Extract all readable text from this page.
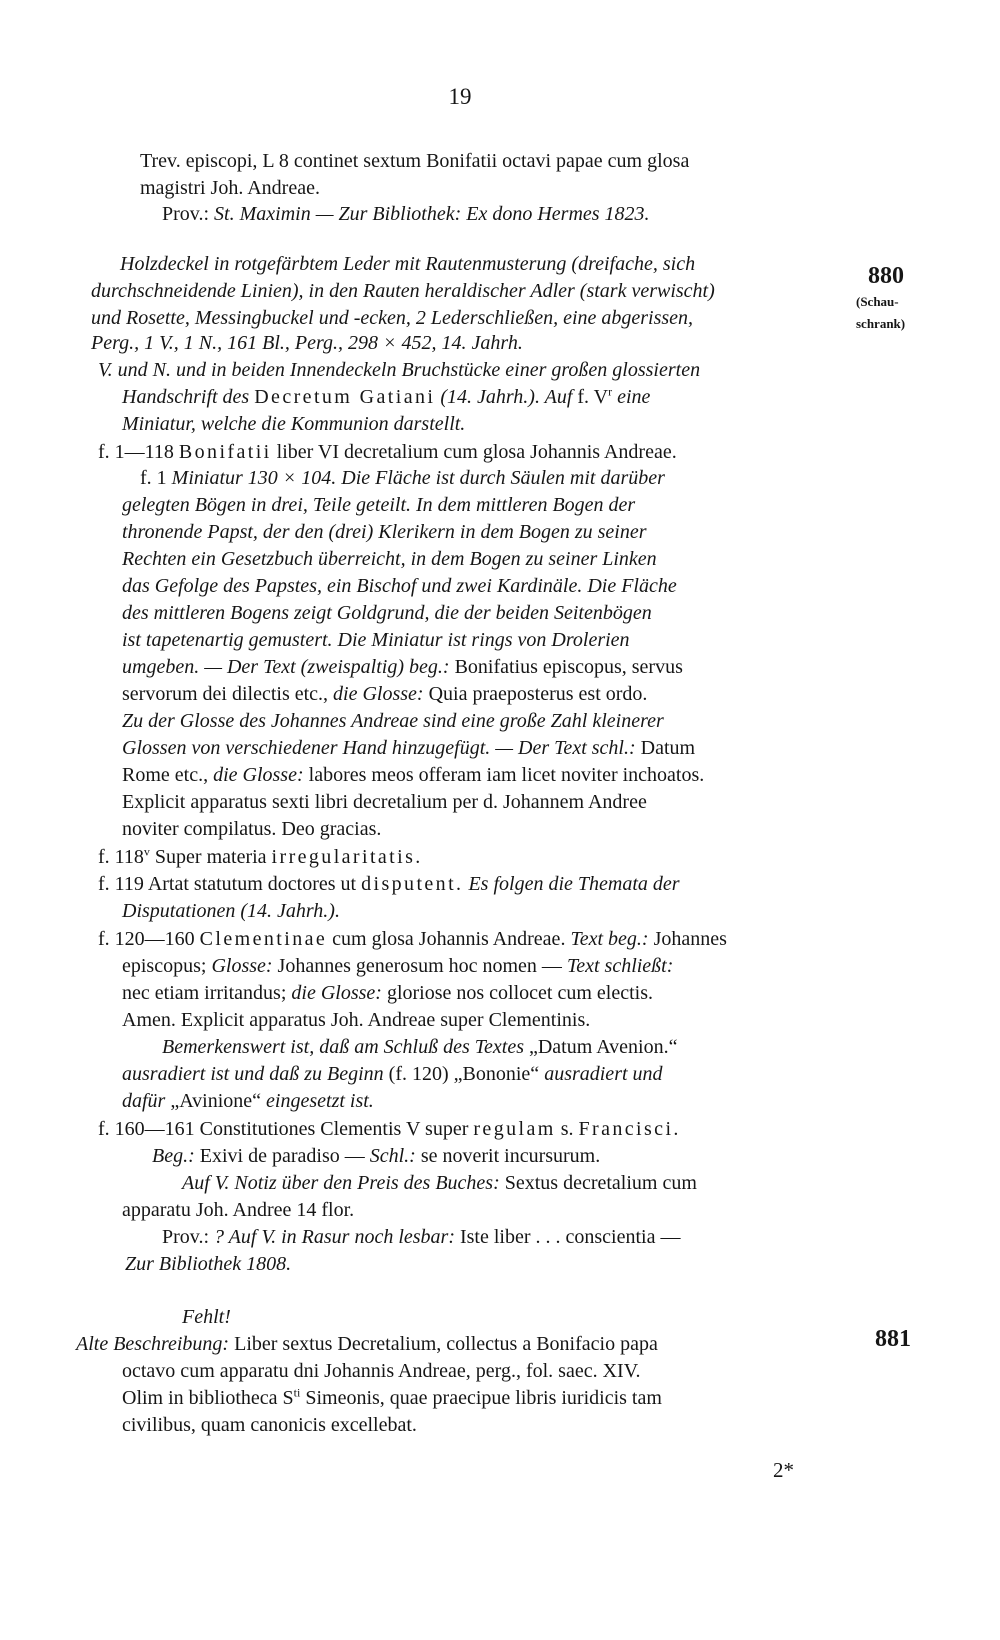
19
880
(Schau-
schrank)
881
Trev. episcopi, L 8 continet sextum Bonifatii octavi papae cum glosa
magistri Joh. Andreae.
Prov.: St. Maximin — Zur Bibliothek: Ex dono Hermes 1823.
Holzdeckel in rotgefärbtem Leder mit Rautenmusterung (dreifache, sich
durchschneidende Linien), in den Rauten heraldischer Adler (stark verwischt)
und Rosette, Messingbuckel und -ecken, 2 Lederschließen, eine abgerissen,
Perg., 1 V., 1 N., 161 Bl., Perg., 298 × 452, 14. Jahrh.
V. und N. und in beiden Innendeckeln Bruchstücke einer großen glossierten
Handschrift des Decretum Gatiani (14. Jahrh.). Auf f. $V^r$ eine
Miniatur, welche die Kommunion darstellt.
f. 1—118 Bonifatii liber VI decretalium cum glosa Johannis Andreae.
f. 1 Miniatur 130 × 104. Die Fläche ist durch Säulen mit darüber
gelegten Bögen in drei, Teile geteilt. In dem mittleren Bogen der
thronende Papst, der den (drei) Klerikern in dem Bogen zu seiner
Rechten ein Gesetzbuch überreicht, in dem Bogen zu seiner Linken
das Gefolge des Papstes, ein Bischof und zwei Kardinäle. Die Fläche
des mittleren Bogens zeigt Goldgrund, die der beiden Seitenbögen
ist tapetenartig gemustert. Die Miniatur ist rings von Drolerien
umgeben. — Der Text (zweispaltig) beg.: Bonifatius episcopus, servus
servorum dei dilectis etc., die Glosse: Quia praeposterus est ordo.
Zu der Glosse des Johannes Andreae sind eine große Zahl kleinerer
Glossen von verschiedener Hand hinzugefügt. — Der Text schl.: Datum
Rome etc., die Glosse: labores meos offeram iam licet noviter inchoatos.
Explicit apparatus sexti libri decretalium per d. Johannem Andree
noviter compilatus. Deo gracias.
f. 118$^v$ Super materia irregularitatis.
f. 119 Artat statutum doctores ut disputent. Es folgen die Themata der
Disputationen (14. Jahrh.).
f. 120—160 Clementinae cum glosa Johannis Andreae. Text beg.: Johannes
episcopus; Glosse: Johannes generosum hoc nomen — Text schließt:
nec etiam irritandus; die Glosse: gloriose nos collocet cum electis.
Amen. Explicit apparatus Joh. Andreae super Clementinis.
Bemerkenswert ist, daß am Schluß des Textes „Datum Avenion.“
ausradiert ist und daß zu Beginn (f. 120) „Bononie“ ausradiert und
dafür „Avinione“ eingesetzt ist.
f. 160—161 Constitutiones Clementis V super regulam s. Francisci.
Beg.: Exivi de paradiso — Schl.: se noverit incursurum.
Auf V. Notiz über den Preis des Buches: Sextus decretalium cum
apparatu Joh. Andree 14 flor.
Prov.: ? Auf V. in Rasur noch lesbar: Iste liber . . . conscientia —
Zur Bibliothek 1808.
Fehlt!
Alte Beschreibung: Liber sextus Decretalium, collectus a Bonifacio papa
octavo cum apparatu dni Johannis Andreae, perg., fol. saec. XIV.
Olim in bibliotheca $S^{ti}$ Simeonis, quae praecipue libris iuridicis tam
civilibus, quam canonicis excellebat.
2*
